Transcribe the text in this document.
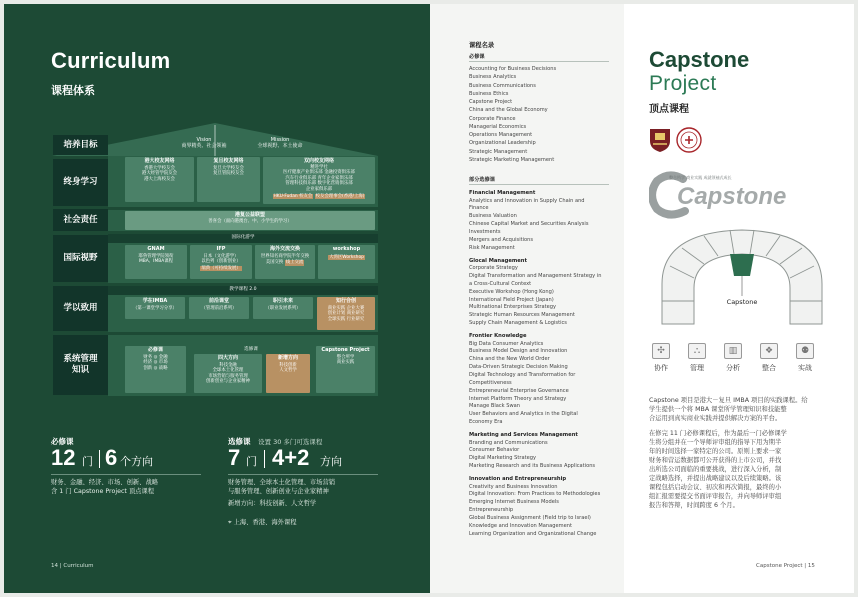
Curriculum
课程体系
Vision
商界精英、社会领袖
Mission
全球视野、本土使命
培养目标
终身学习
社会责任
国际视野
学以致用
系统管理
知识
港大校友网络
香港大学校友会
港大经管学院友会
港大上海校友会
复旦校友网络
复旦大学校友会
复旦管院校友会
双向校友网络
精进学社
医疗健康产业俱乐部 金融投资俱乐部
汽车行业俱乐部 青年企业家俱乐部
管理科技俱乐部 数字化营销俱乐部
企业家俱乐部
HKU-Fudan 校友会 校友会理事会(香港/上海)
港复公益联盟
善喜会（面向港澳台、中、小学生的学习）
国际化游学
GNAM
耶鲁管理学院领衔
MBA、IMBA课程
IFP
日本（文化游学）
以色列（创新创业）
瑞典（可持续发展）
海外交流交换
世界知名商学院半年交换
美国交换 线上交流
workshop
大湾区Workshop
教学课程 2.0
学在IMBA
（第一课堂学习分享）
前沿课堂
（管理前沿系列）
职引未来
（职业发展系列）
知行合创
商业实践 企业大赛
创业计划 商业研究
全球实践 行业研究
必修课
财务 ◎ 金融
经济 ◎ 市场
创新 ◎ 战略
选修课
四大方向
科技金融
全球本土化管理
市场营销与服务管理
创新创业与企业家精神
新增方向
科技创新
人文哲学
Capstone Project
整合所学
商业实践
必修课
12 门 6 个方向
财务、金融、经济、市场、创新、战略
含 1 门 Capstone Project 顶点课程
选修课 设置 30 多门可选课程
7 门 4+2 方向
财务管理、全球本土化管理、市场营销
与服务管理、创新创业与企业家精神
新增方向：科技创新、人文哲学
⌖ 上海、香港、海外课程
14 | Curriculum
课程名录
必修课
Accounting for Business Decisions
Business Analytics
Business Communications
Business Ethics
Capstone Project
China and the Global Economy
Corporate Finance
Managerial Economics
Operations Management
Organizational Leadership
Strategic Management
Strategic Marketing Management
部分选修课
Financial Management
Analytics and Innovation in Supply Chain and
Finance
Business Valuation
Chinese Capital Market and Securities Analysis
Investments
Mergers and Acquisitions
Risk Management
Glocal Management
Corporate Strategy
Digital Transformation and Management Strategy in
a Cross-Cultural Context
Executive Workshop (Hong Kong)
International Field Project (Japan)
Multinational Enterprises Strategy
Strategic Human Resources Management
Supply Chain Management & Logistics
Frontier Knowledge
Big Data Consumer Analytics
Business Model Design and Innovation
China and the New World Order
Data-Driven Strategic Decision Making
Digital Technology and Transformation for
Competitiveness
Entrepreneurial Enterprise Governance
Internet Platform Theory and Strategy
Manage Black Swan
User Behaviors and Analytics in the Digital
Economy Era
Marketing and Services Management
Branding and Communications
Consumer Behavior
Digital Marketing Strategy
Marketing Research and its Business Applications
Innovation and Entrepreneurship
Creativity and Business Innovation
Digital Innovation: From Practices to Methodologies
Emerging Internet Business Models
Entrepreneurship
Global Business Assignment (Field trip to Israel)
Knowledge and Innovation Management
Learning Organization and Organizational Change
Capstone
Project
顶点课程
Capstone
整合所学 商业实践 成就领袖式成长
Capstone
✣
协作
⛬
管理
▥
分析
❖
整合
⚉
实战
Capstone 项目是港大－复旦 IMBA 项目的实践课程。给
学生提供一个将 MBA 课堂所学管理知识和技能整
合运用到真实商业实践并提供解决方案的平台。
在修完 11 门必修课程后，作为最后一门必修课学
生将分组并在一个导师评审组的指导下用为期半
年的时间选择一家特定的公司。原则上要求一家
财务和营运数据都可公开获得的上市公司，并找
出所选公司面临的重要挑战，进行深入分析，制
定战略选择，并提出战略建议以及后续策略。该
课程包括启动会议、初次和再次简报，最终的小
组汇报需要提交书面评审报告，并向导师评审组
报告和答辩，时间跨度 6 个月。
Capstone Project | 15
